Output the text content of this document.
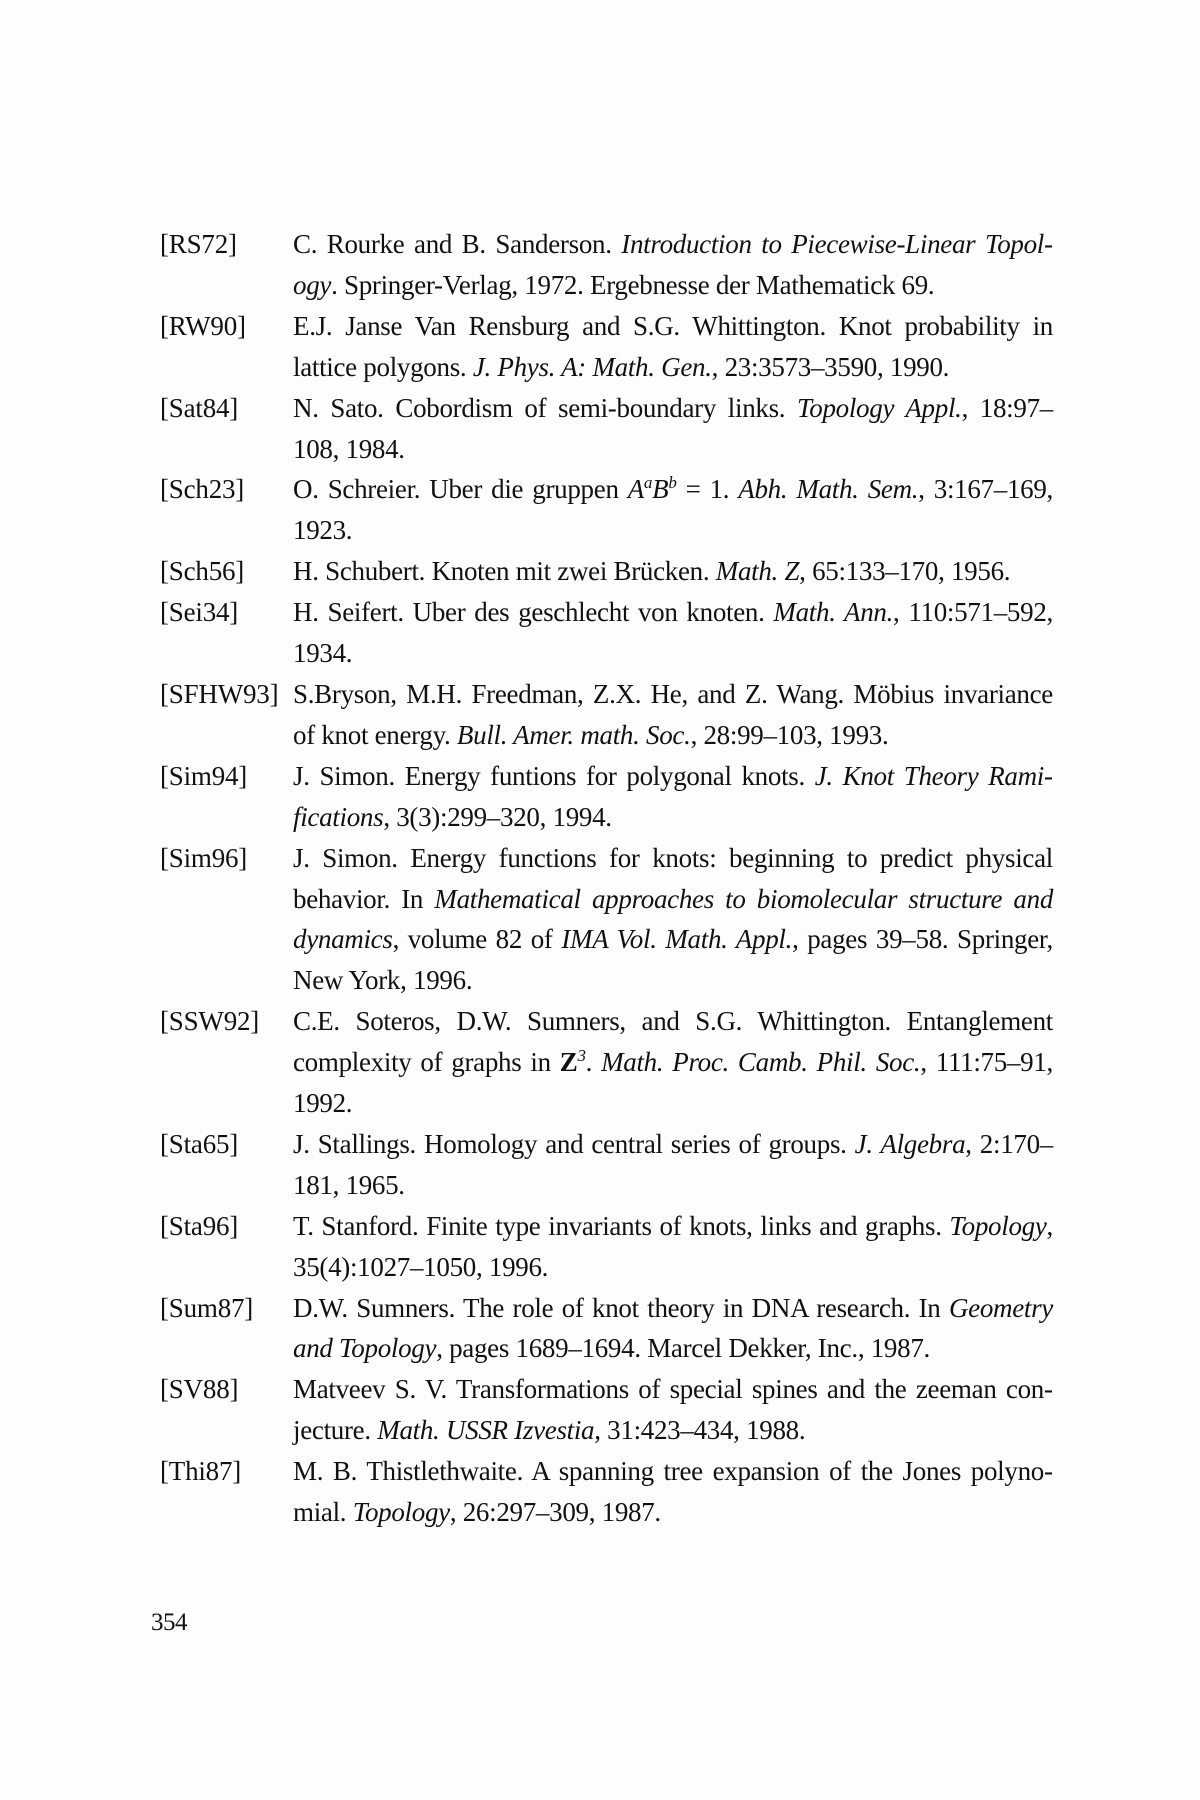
[RS72] C. Rourke and B. Sanderson. Introduction to Piecewise-Linear Topology. Springer-Verlag, 1972. Ergebnesse der Mathematick 69.
[RW90] E.J. Janse Van Rensburg and S.G. Whittington. Knot probability in lattice polygons. J. Phys. A: Math. Gen., 23:3573–3590, 1990.
[Sat84] N. Sato. Cobordism of semi-boundary links. Topology Appl., 18:97–108, 1984.
[Sch23] O. Schreier. Uber die gruppen $A^aB^b = 1$. Abh. Math. Sem., 3:167–169, 1923.
[Sch56] H. Schubert. Knoten mit zwei Brücken. Math. Z, 65:133–170, 1956.
[Sei34] H. Seifert. Uber des geschlecht von knoten. Math. Ann., 110:571–592, 1934.
[SFHW93] S.Bryson, M.H. Freedman, Z.X. He, and Z. Wang. Möbius invariance of knot energy. Bull. Amer. math. Soc., 28:99–103, 1993.
[Sim94] J. Simon. Energy funtions for polygonal knots. J. Knot Theory Ramifications, 3(3):299–320, 1994.
[Sim96] J. Simon. Energy functions for knots: beginning to predict physical behavior. In Mathematical approaches to biomolecular structure and dynamics, volume 82 of IMA Vol. Math. Appl., pages 39–58. Springer, New York, 1996.
[SSW92] C.E. Soteros, D.W. Sumners, and S.G. Whittington. Entanglement complexity of graphs in $Z^3$. Math. Proc. Camb. Phil. Soc., 111:75–91, 1992.
[Sta65] J. Stallings. Homology and central series of groups. J. Algebra, 2:170–181, 1965.
[Sta96] T. Stanford. Finite type invariants of knots, links and graphs. Topology, 35(4):1027–1050, 1996.
[Sum87] D.W. Sumners. The role of knot theory in DNA research. In Geometry and Topology, pages 1689–1694. Marcel Dekker, Inc., 1987.
[SV88] Matveev S. V. Transformations of special spines and the zeeman conjecture. Math. USSR Izvestia, 31:423–434, 1988.
[Thi87] M. B. Thistlethwaite. A spanning tree expansion of the Jones polynomial. Topology, 26:297–309, 1987.
354
